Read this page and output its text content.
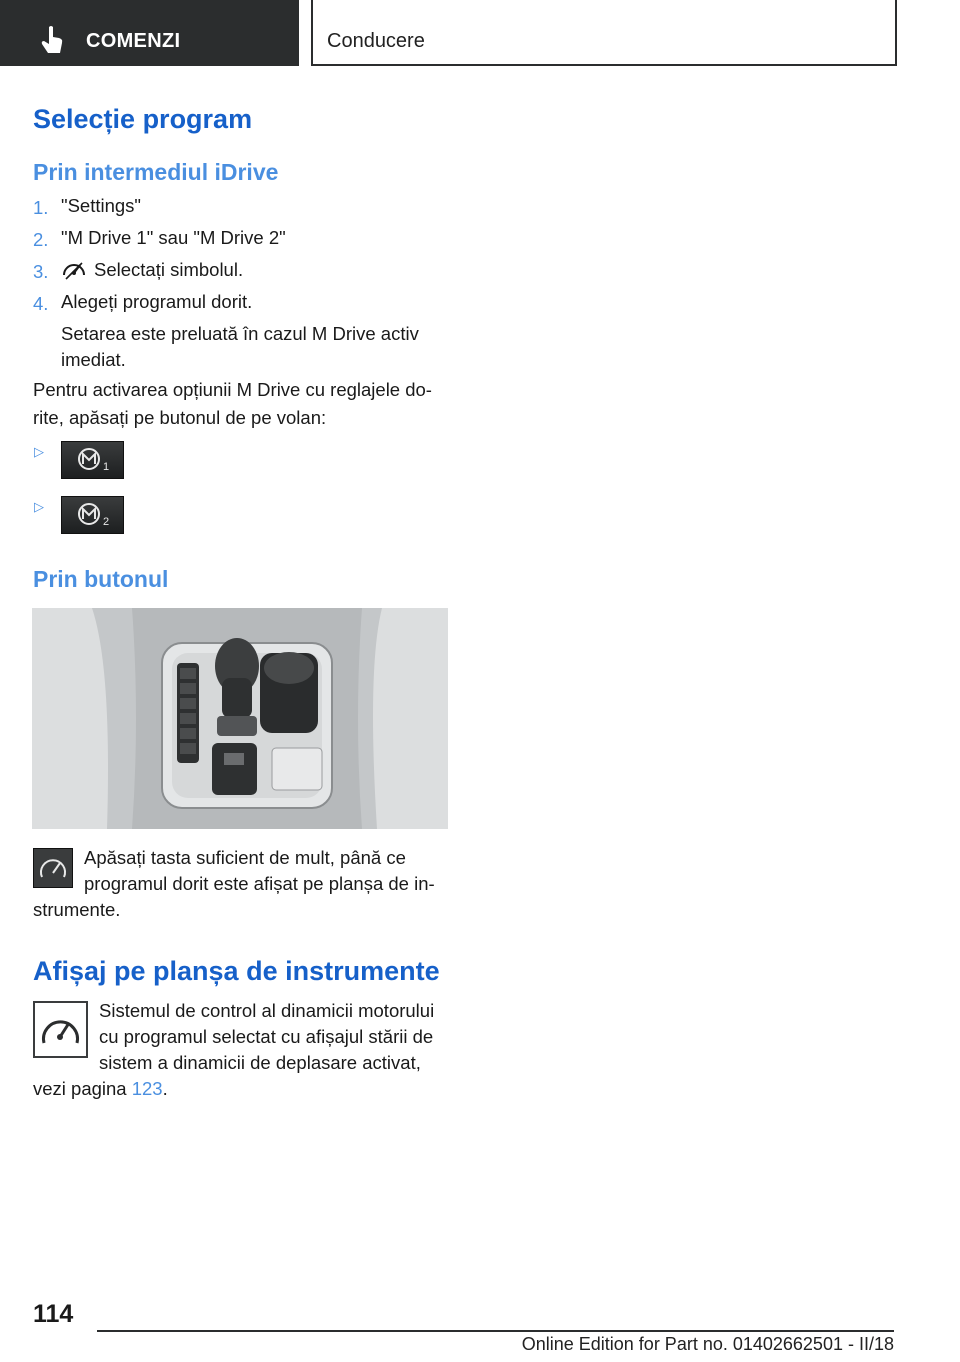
COMENZI	Conducere
Selecție program
Prin intermediul iDrive
1. "Settings"
2. "M Drive 1" sau "M Drive 2"
3. Selectați simbolul.
4. Alegeți programul dorit.
Setarea este preluată în cazul M Drive activ
imediat.
Pentru activarea opțiunii M Drive cu reglajele do-
rite, apăsați pe butonul de pe volan:
▷
1
▷
2
Prin butonul
Apăsați tasta suficient de mult, până ce
programul dorit este afișat pe planșa de in-
strumente.
Afișaj pe planșa de instrumente
Sistemul de control al dinamicii motorului
cu programul selectat cu afișajul stării de
sistem a dinamicii de deplasare activat,
vezi pagina 123.
114
Online Edition for Part no. 01402662501 - II/18
